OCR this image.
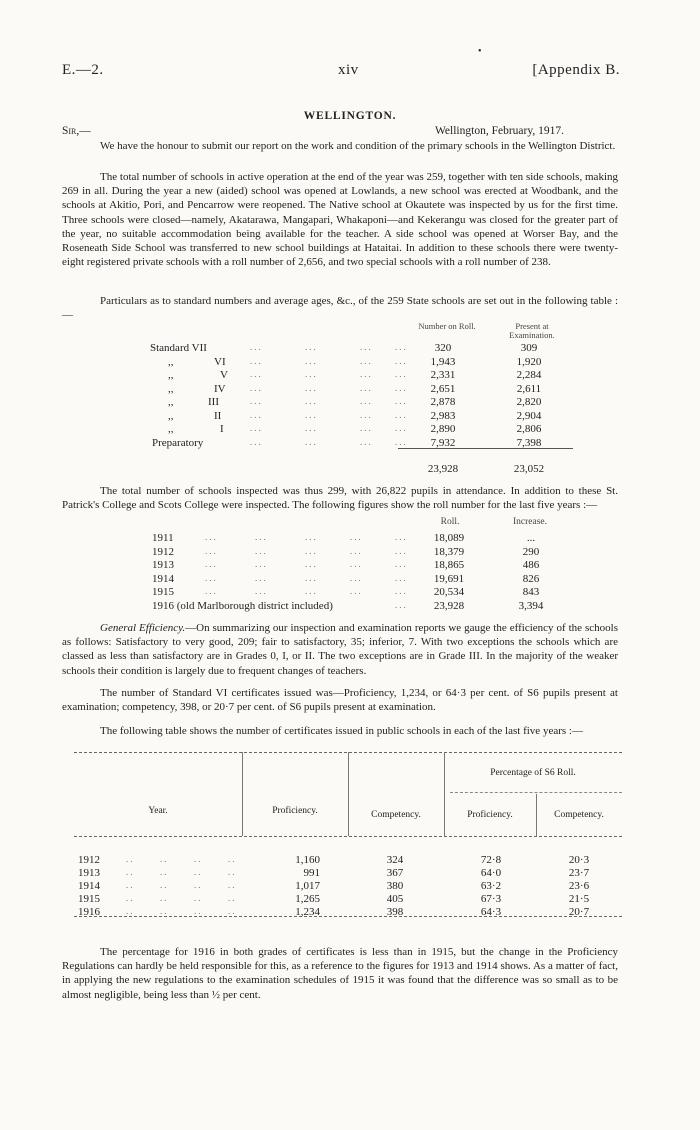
•
E.—2.	xiv	[Appendix B.
WELLINGTON.
Sir,—	Wellington, February, 1917.

We have the honour to submit our report on the work and condition of the primary schools in the Wellington District.

The total number of schools in active operation at the end of the year was 259, together with ten side schools, making 269 in all. During the year a new (aided) school was opened at Lowlands, a new school was erected at Woodbank, and the schools at Akitio, Pori, and Pencarrow were reopened. The Native school at Okautete was inspected by us for the first time. Three schools were closed—namely, Akatarawa, Mangapari, Whakaponi—and Kekerangu was closed for the greater part of the year, no suitable accommodation being available for the teacher. A side school was opened at Worser Bay, and the Roseneath Side School was transferred to new school buildings at Hataitai. In addition to these schools there were twenty-eight registered private schools with a roll number of 2,656, and two special schools with a roll number of 238.

Particulars as to standard numbers and average ages, &c., of the 259 State schools are set out in the following table :—

Number on Roll.	Present at Examination.
Standard VII	...	...	... ...	320	309
,,	VI	...	...	... ...	1,943	1,920
,,	V ...	...	... ...	2,331	2,284
,,	IV	...	...	... ...	2,651	2,611
,,	III	...	...	... ...	2,878	2,820
,,	II	...	...	... ...	2,983	2,904
,,	I	...	...	... ...	2,890	2,806
Preparatory	...	...	... ...	7,932	7,398
23,928	23,052

The total number of schools inspected was thus 299, with 26,822 pupils in attendance. In addition to these St. Patrick's College and Scots College were inspected. The following figures show the roll number for the last five years :—

Roll.	Increase.
1911	...	...	...	...	...	18,089	...
1912	...	...	...	...	...	18,379	290
1913	...	...	...	...	...	18,865	486
1914	...	...	...	...	...	19,691	826
1915	...	...	...	...	...	20,534	843
1916 (old Marlborough district included)	...	23,928	3,394

General Efficiency.—On summarizing our inspection and examination reports we gauge the efficiency of the schools as follows: Satisfactory to very good, 209; fair to satisfactory, 35; inferior, 7. With two exceptions the schools which are classed as less than satisfactory are in Grades 0, I, or II. The two exceptions are in Grade III. In the majority of the weaker schools their condition is largely due to frequent changes of teachers.

The number of Standard VI certificates issued was—Proficiency, 1,234, or 64·3 per cent. of S6 pupils present at examination; competency, 398, or 20·7 per cent. of S6 pupils present at examination.

The following table shows the number of certificates issued in public schools in each of the last five years :—

Year.	Proficiency.	Competency.
Percentage of S6 Roll.
Proficiency.	Competency.
1912	..      ..      ..      ..	1,160	324	72·8	20·3
1913	..      ..      ..      ..	991	367	64·0	23·7
1914	..      ..      ..      ..	1,017	380	63·2	23·6
1915	..      ..      ..      ..	1,265	405	67·3	21·5
1916	..      ..      ..      ..	1,234	398	64·3	20·7

The percentage for 1916 in both grades of certificates is less than in 1915, but the change in the Proficiency Regulations can hardly be held responsible for this, as a reference to the figures for 1913 and 1914 shows. As a matter of fact, in applying the new regulations to the examination schedules of 1915 it was found that the difference was so small as to be almost negligible, being less than ½ per cent.
